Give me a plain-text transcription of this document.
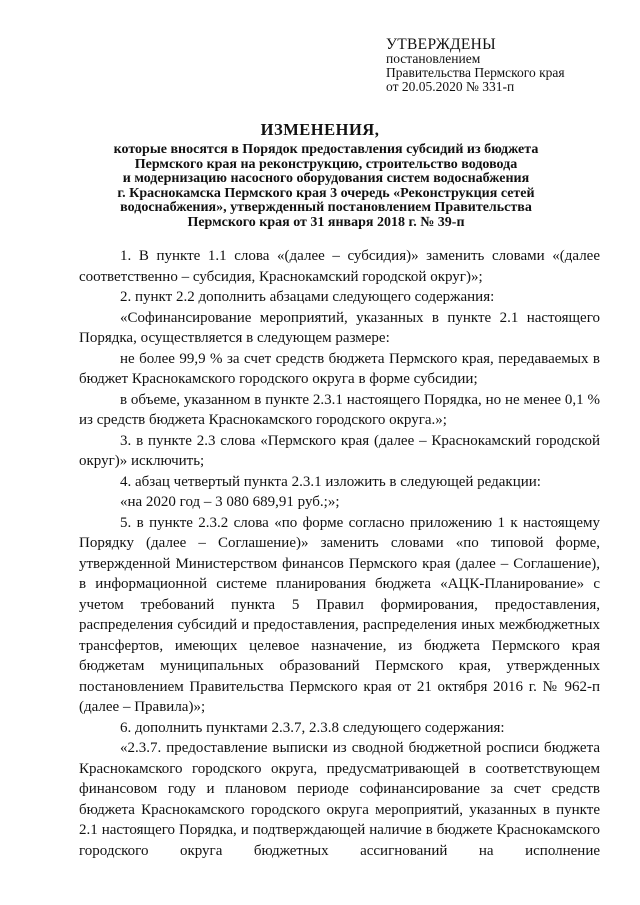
УТВЕРЖДЕНЫ
постановлением
Правительства Пермского края
от 20.05.2020 № 331-п
ИЗМЕНЕНИЯ,
которые вносятся в Порядок предоставления субсидий из бюджета
Пермского края на реконструкцию, строительство водовода
и модернизацию насосного оборудования систем водоснабжения
г. Краснокамска Пермского края 3 очередь «Реконструкция сетей
водоснабжения», утвержденный постановлением Правительства
Пермского края от 31 января 2018 г. № 39-п

1. В пункте 1.1 слова «(далее – субсидия)» заменить словами «(далее соответственно – субсидия, Краснокамский городской округ)»;

2. пункт 2.2 дополнить абзацами следующего содержания:

«Софинансирование мероприятий, указанных в пункте 2.1 настоящего Порядка, осуществляется в следующем размере:

не более 99,9 % за счет средств бюджета Пермского края, передаваемых в бюджет Краснокамского городского округа в форме субсидии;

в объеме, указанном в пункте 2.3.1 настоящего Порядка, но не менее 0,1 % из средств бюджета Краснокамского городского округа.»;

3. в пункте 2.3 слова «Пермского края (далее – Краснокамский городской округ)» исключить;

4. абзац четвертый пункта 2.3.1 изложить в следующей редакции:

«на 2020 год – 3 080 689,91 руб.;»;

5. в пункте 2.3.2 слова «по форме согласно приложению 1 к настоящему Порядку (далее – Соглашение)» заменить словами «по типовой форме, утвержденной Министерством финансов Пермского края (далее – Соглашение), в информационной системе планирования бюджета «АЦК-Планирование» с учетом требований пункта 5 Правил формирования, предоставления, распределения субсидий и предоставления, распределения иных межбюджетных трансфертов, имеющих целевое назначение, из бюджета Пермского края бюджетам муниципальных образований Пермского края, утвержденных постановлением Правительства Пермского края от 21 октября 2016 г. № 962-п (далее – Правила)»;

6. дополнить пунктами 2.3.7, 2.3.8 следующего содержания:

«2.3.7. предоставление выписки из сводной бюджетной росписи бюджета Краснокамского городского округа, предусматривающей в соответствующем финансовом году и плановом периоде софинансирование за счет средств бюджета Краснокамского городского округа мероприятий, указанных в пункте 2.1 настоящего Порядка, и подтверждающей наличие в бюджете Краснокамского городского округа бюджетных ассигнований на исполнение
